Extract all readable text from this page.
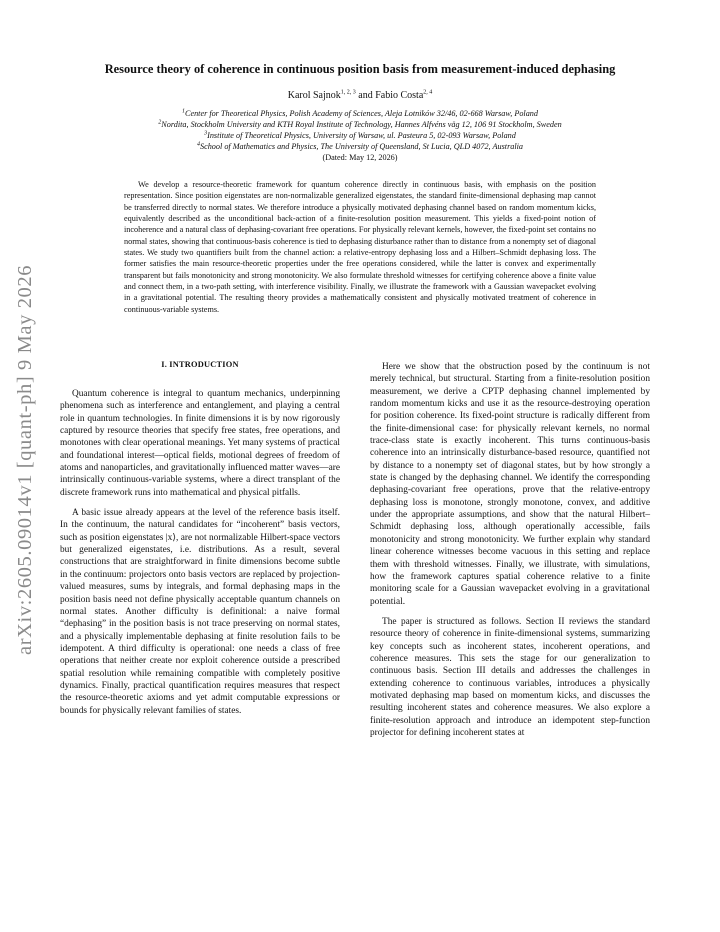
arXiv:2605.09014v1 [quant-ph] 9 May 2026
Resource theory of coherence in continuous position basis from measurement-induced dephasing
Karol Sajnok$^{1, 2, 3}$ and Fabio Costa$^{2, 4}$
$^1$Center for Theoretical Physics, Polish Academy of Sciences, Aleja Lotników 32/46, 02-668 Warsaw, Poland
$^2$Nordita, Stockholm University and KTH Royal Institute of Technology, Hannes Alfvéns väg 12, 106 91 Stockholm, Sweden
$^3$Institute of Theoretical Physics, University of Warsaw, ul. Pasteura 5, 02-093 Warsaw, Poland
$^4$School of Mathematics and Physics, The University of Queensland, St Lucia, QLD 4072, Australia
(Dated: May 12, 2026)
We develop a resource-theoretic framework for quantum coherence directly in continuous basis, with emphasis on the position representation. Since position eigenstates are non-normalizable generalized eigenstates, the standard finite-dimensional dephasing map cannot be transferred directly to normal states. We therefore introduce a physically motivated dephasing channel based on random momentum kicks, equivalently described as the unconditional back-action of a finite-resolution position measurement. This yields a fixed-point notion of incoherence and a natural class of dephasing-covariant free operations. For physically relevant kernels, however, the fixed-point set contains no normal states, showing that continuous-basis coherence is tied to dephasing disturbance rather than to distance from a nonempty set of diagonal states. We study two quantifiers built from the channel action: a relative-entropy dephasing loss and a Hilbert–Schmidt dephasing loss. The former satisfies the main resource-theoretic properties under the free operations considered, while the latter is convex and experimentally transparent but fails monotonicity and strong monotonicity. We also formulate threshold witnesses for certifying coherence above a finite value and connect them, in a two-path setting, with interference visibility. Finally, we illustrate the framework with a Gaussian wavepacket evolving in a gravitational potential. The resulting theory provides a mathematically consistent and physically motivated treatment of coherence in continuous-variable systems.
I. INTRODUCTION

Quantum coherence is integral to quantum mechanics, underpinning phenomena such as interference and entanglement, and playing a central role in quantum technologies. In finite dimensions it is by now rigorously captured by resource theories that specify free states, free operations, and monotones with clear operational meanings. Yet many systems of practical and foundational interest—optical fields, motional degrees of freedom of atoms and nanoparticles, and gravitationally influenced matter waves—are intrinsically continuous-variable systems, where a direct transplant of the discrete framework runs into mathematical and physical pitfalls.

A basic issue already appears at the level of the reference basis itself. In the continuum, the natural candidates for “incoherent” basis vectors, such as position eigenstates |x⟩, are not normalizable Hilbert-space vectors but generalized eigenstates, i.e. distributions. As a result, several constructions that are straightforward in finite dimensions become subtle in the continuum: projectors onto basis vectors are replaced by projection-valued measures, sums by integrals, and formal dephasing maps in the position basis need not define physically acceptable quantum channels on normal states. Another difficulty is definitional: a naive formal “dephasing” in the position basis is not trace preserving on normal states, and a physically implementable dephasing at finite resolution fails to be idempotent. A third difficulty is operational: one needs a class of free operations that neither create nor exploit coherence outside a prescribed spatial resolution while remaining compatible with completely positive dynamics. Finally, practical quantification requires measures that respect the resource-theoretic axioms and yet admit computable expressions or bounds for physically relevant families of states.

Here we show that the obstruction posed by the continuum is not merely technical, but structural. Starting from a finite-resolution position measurement, we derive a CPTP dephasing channel implemented by random momentum kicks and use it as the resource-destroying operation for position coherence. Its fixed-point structure is radically different from the finite-dimensional case: for physically relevant kernels, no normal trace-class state is exactly incoherent. This turns continuous-basis coherence into an intrinsically disturbance-based resource, quantified not by distance to a nonempty set of diagonal states, but by how strongly a state is changed by the dephasing channel. We identify the corresponding dephasing-covariant free operations, prove that the relative-entropy dephasing loss is monotone, strongly monotone, convex, and additive under the appropriate assumptions, and show that the natural Hilbert–Schmidt dephasing loss, although operationally accessible, fails monotonicity and strong monotonicity. We further explain why standard linear coherence witnesses become vacuous in this setting and replace them with threshold witnesses. Finally, we illustrate, with simulations, how the framework captures spatial coherence relative to a finite monitoring scale for a Gaussian wavepacket evolving in a gravitational potential.

The paper is structured as follows. Section II reviews the standard resource theory of coherence in finite-dimensional systems, summarizing key concepts such as incoherent states, incoherent operations, and coherence measures. This sets the stage for our generalization to continuous basis. Section III details and addresses the challenges in extending coherence to continuous variables, introduces a physically motivated dephasing map based on momentum kicks, and discusses the resulting incoherent states and coherence measures. We also explore a finite-resolution approach and introduce an idempotent step-function projector for defining incoherent states at
